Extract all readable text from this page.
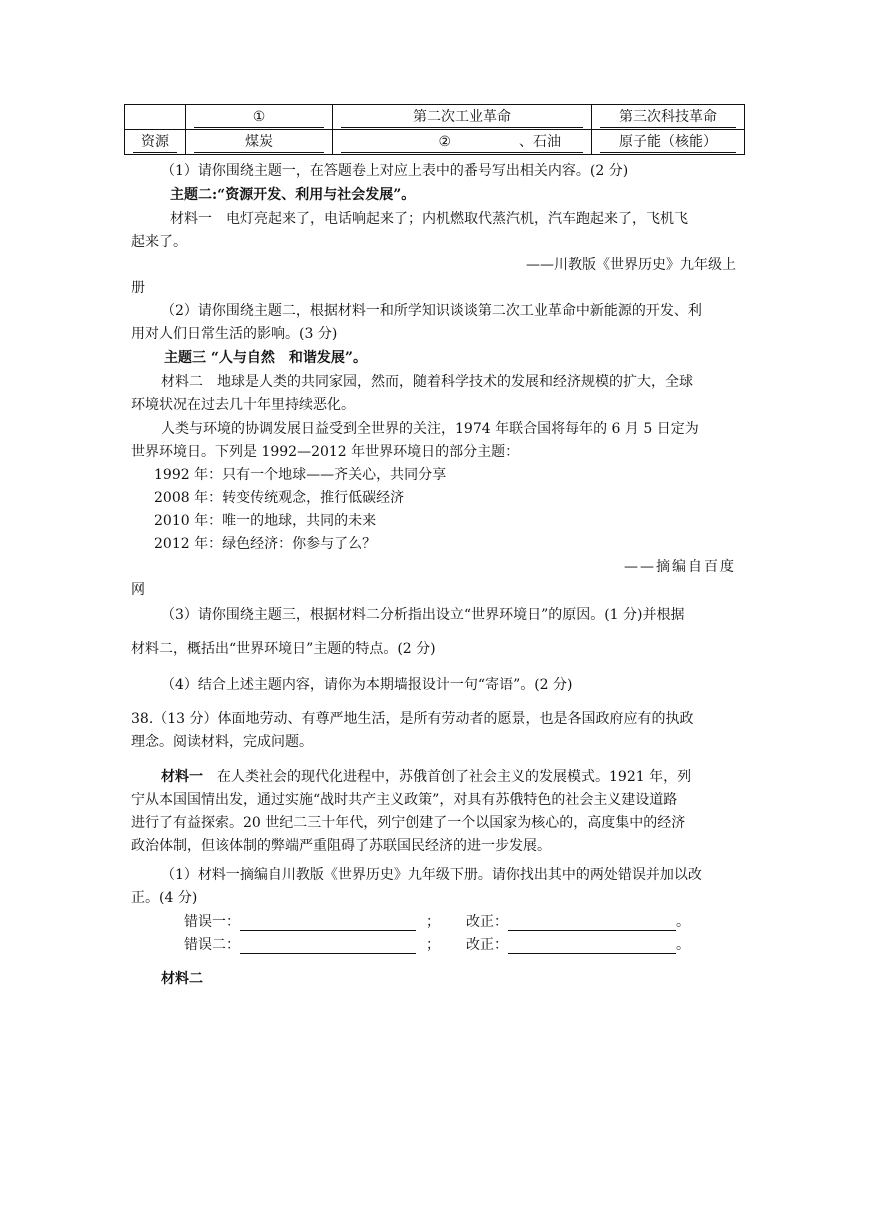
	①	第二次工业革命	第三次科技革命

资源	煤炭	② 、石油	原子能（核能）
（1）请你围绕主题一，在答题卷上对应上表中的番号写出相关内容。(2 分)
主题二:“资源开发、利用与社会发展”。
材料一　电灯亮起来了，电话响起来了；内机燃取代蒸汽机，汽车跑起来了，飞机飞
起来了。
——川教版《世界历史》九年级上
册
（2）请你围绕主题二，根据材料一和所学知识谈谈第二次工业革命中新能源的开发、利
用对人们日常生活的影响。(3 分)
主题三 “人与自然　和谐发展”。
材料二　地球是人类的共同家园，然而，随着科学技术的发展和经济规模的扩大，全球
环境状况在过去几十年里持续恶化。
人类与环境的协调发展日益受到全世界的关注，1974 年联合国将每年的 6 月 5 日定为
世界环境日。下列是 1992—2012 年世界环境日的部分主题：
1992 年：只有一个地球——齐关心，共同分享
2008 年：转变传统观念，推行低碳经济
2010 年：唯一的地球，共同的未来
2012 年：绿色经济：你参与了么？
——摘编自百度
网
（3）请你围绕主题三，根据材料二分析指出设立“世界环境日”的原因。(1 分)并根据
材料二，概括出“世界环境日”主题的特点。(2 分)
（4）结合上述主题内容，请你为本期墙报设计一句“寄语”。(2 分)
38.（13 分）体面地劳动、有尊严地生活，是所有劳动者的愿景，也是各国政府应有的执政
理念。阅读材料，完成问题。
材料一　在人类社会的现代化进程中，苏俄首创了社会主义的发展模式。1921 年，列
宁从本国国情出发，通过实施“战时共产主义政策”，对具有苏俄特色的社会主义建设道路
进行了有益探索。20 世纪二三十年代，列宁创建了一个以国家为核心的，高度集中的经济
政治体制，但该体制的弊端严重阻碍了苏联国民经济的进一步发展。
（1）材料一摘编自川教版《世界历史》九年级下册。请你找出其中的两处错误并加以改
正。(4 分)
错误一：	； 改正：	。
错误二：	； 改正：	。
材料二
